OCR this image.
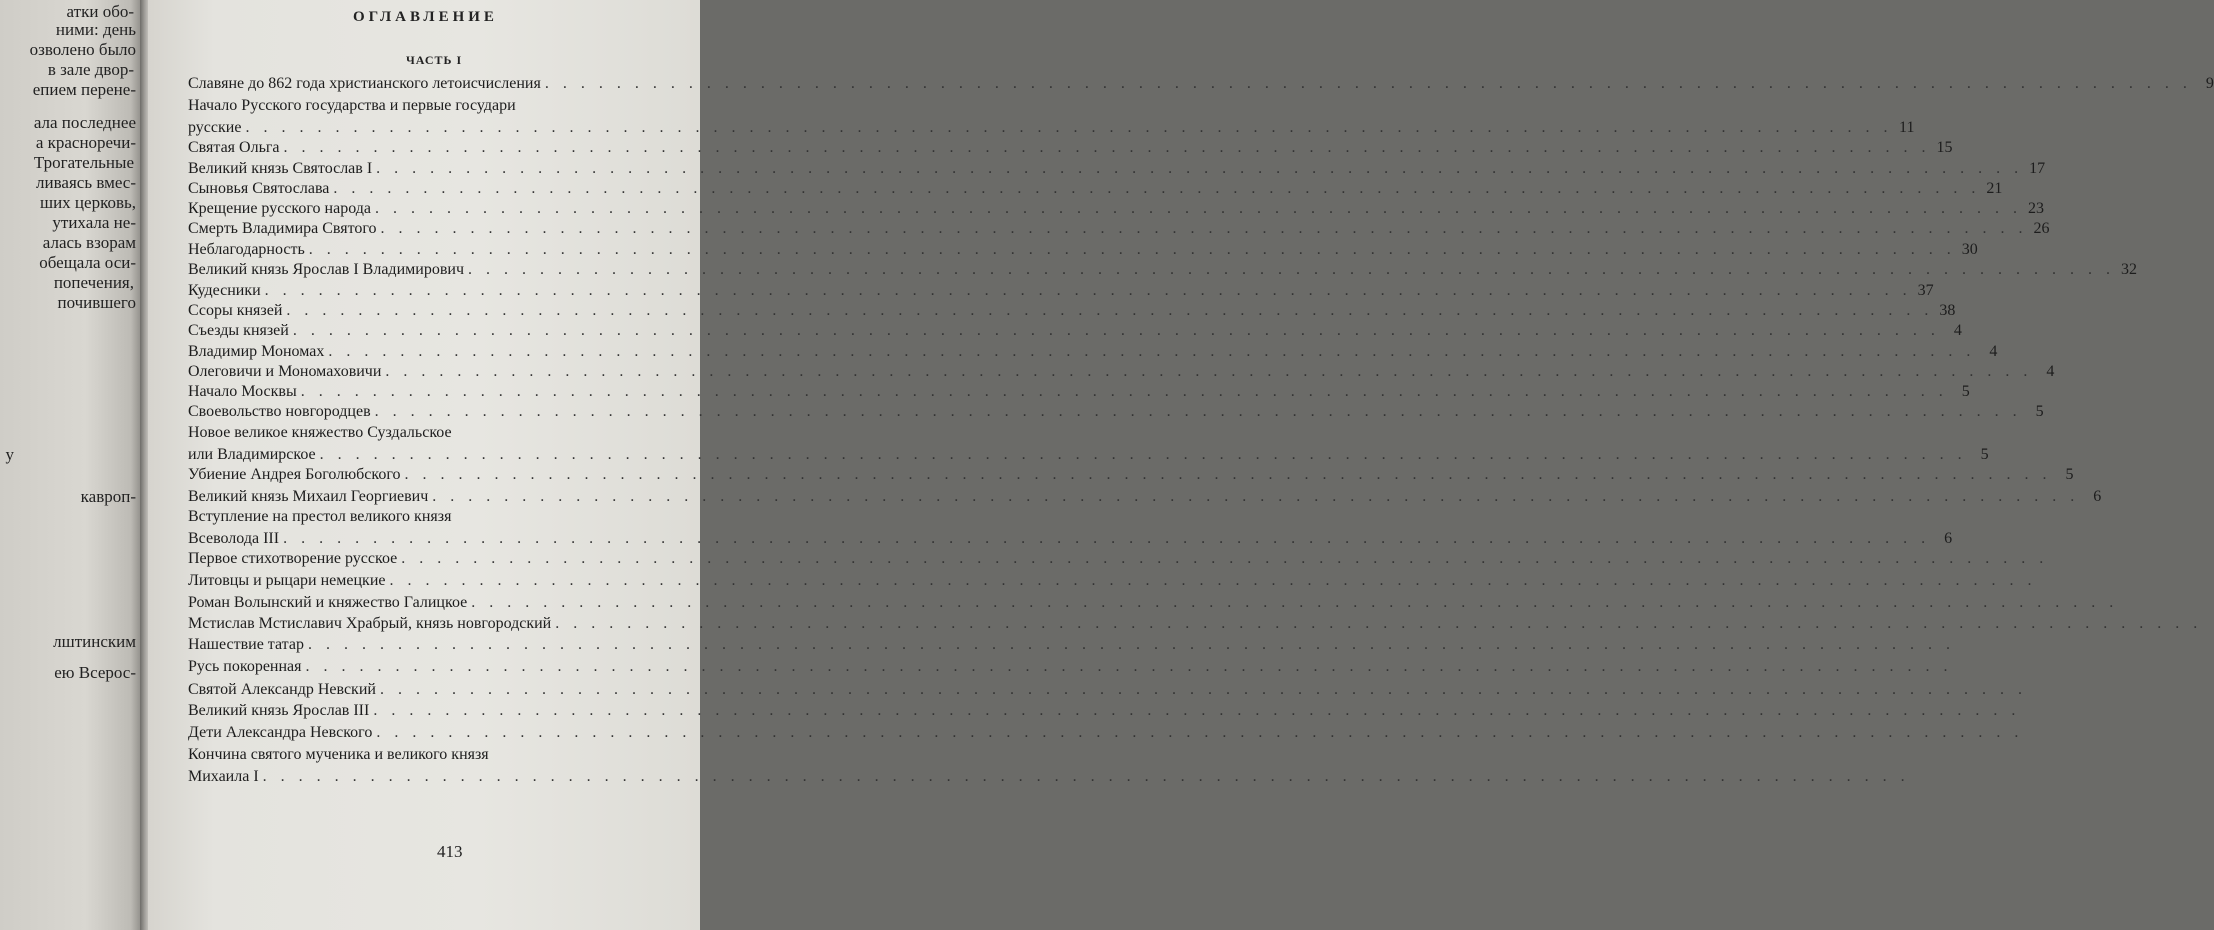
атки обо-
ними: день
озволено было
в зале двор-
епием перене-
ала последнее
а красноречи-
Трогательные
ливаясь вмес-
ших церковь,
утихала не-
алась взорам
обещала оси-
попечения,
почившего
у
кавроп-
лштинским
ею Всерос-
ОГЛАВЛЕНИЕ
ЧАСТЬ I
Славяне до 862 года христианского летоисчисления . . .	9
Начало Русского государства и первые государи
русские . . .	11
Святая Ольга . . .	15
Великий князь Святослав I . . .	17
Сыновья Святослава . . .	21
Крещение русского народа . . .	23
Смерть Владимира Святого . . .	26
Неблагодарность . . .	30
Великий князь Ярослав I Владимирович . . .	32
Кудесники . . .	37
Ссоры князей . . .	38
Съезды князей . . .	4
Владимир Мономах . . .	4
Олеговичи и Мономаховичи . . .	4
Начало Москвы . . .	5
Своевольство новгородцев . . .	5
Новое великое княжество Суздальское
или Владимирское . . .	5
Убиение Андрея Боголюбского . . .	5
Великий князь Михаил Георгиевич . . .	6
Вступление на престол великого князя
Всеволода III . . .	6
Первое стихотворение русское
. . .
Литовцы и рыцари немецкие
. . .
Роман Волынский и княжество Галицкое
. . .
Мстислав Мстиславич Храбрый, князь новгородский
. . .
Нашествие татар
. . .
Русь покоренная
. . .
Святой Александр Невский
. . .
Великий князь Ярослав III
. . .
Дети Александра Невского
. . .
Кончина святого мученика и великого князя
Михаила I
. . .
413
